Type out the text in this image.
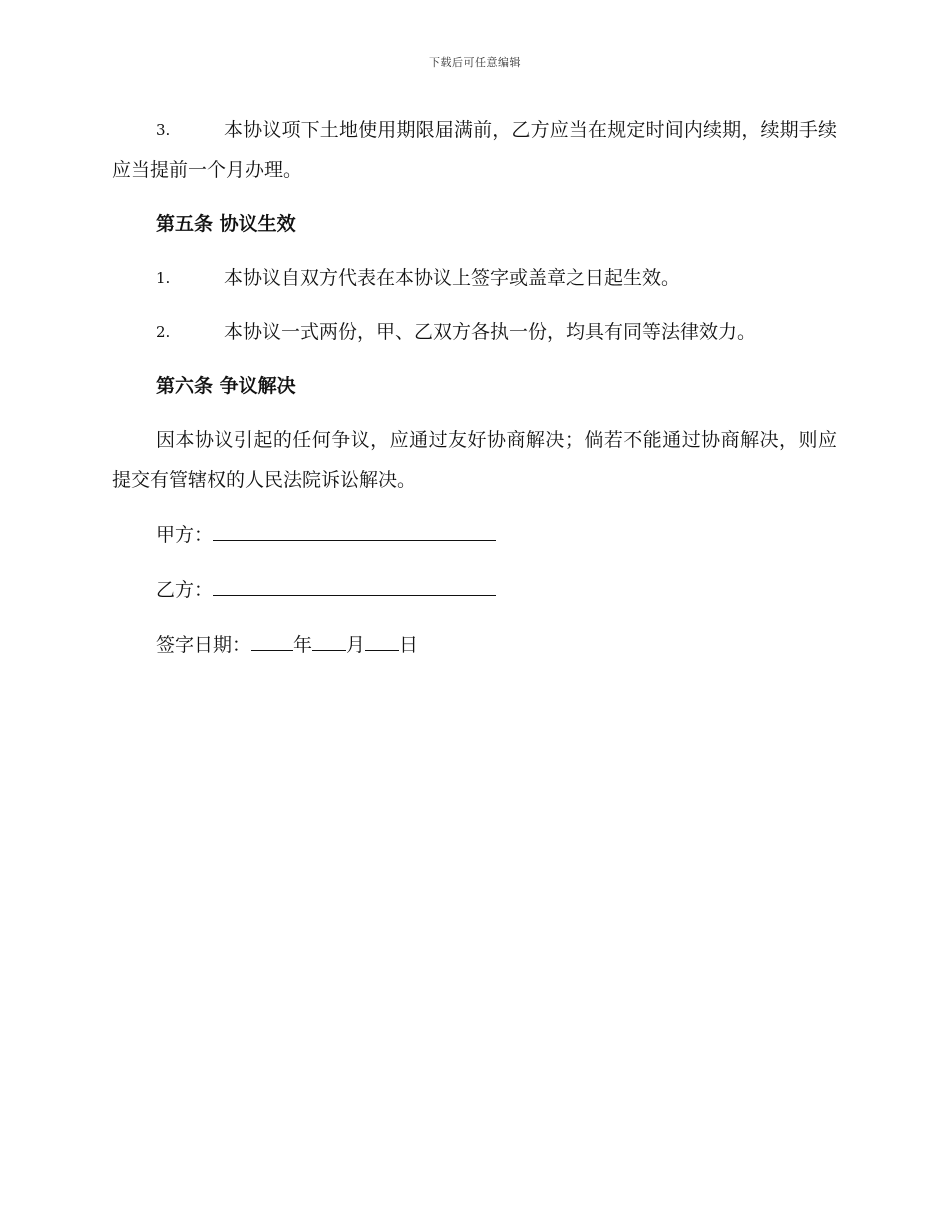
下载后可任意编辑
3.	本协议项下土地使用期限届满前，乙方应当在规定时间内续期，续期手续应当提前一个月办理。
第五条 协议生效
1.	本协议自双方代表在本协议上签字或盖章之日起生效。
2.	本协议一式两份，甲、乙双方各执一份，均具有同等法律效力。
第六条 争议解决
因本协议引起的任何争议，应通过友好协商解决；倘若不能通过协商解决，则应提交有管辖权的人民法院诉讼解决。
甲方：
乙方：
签字日期： 年 月 日
